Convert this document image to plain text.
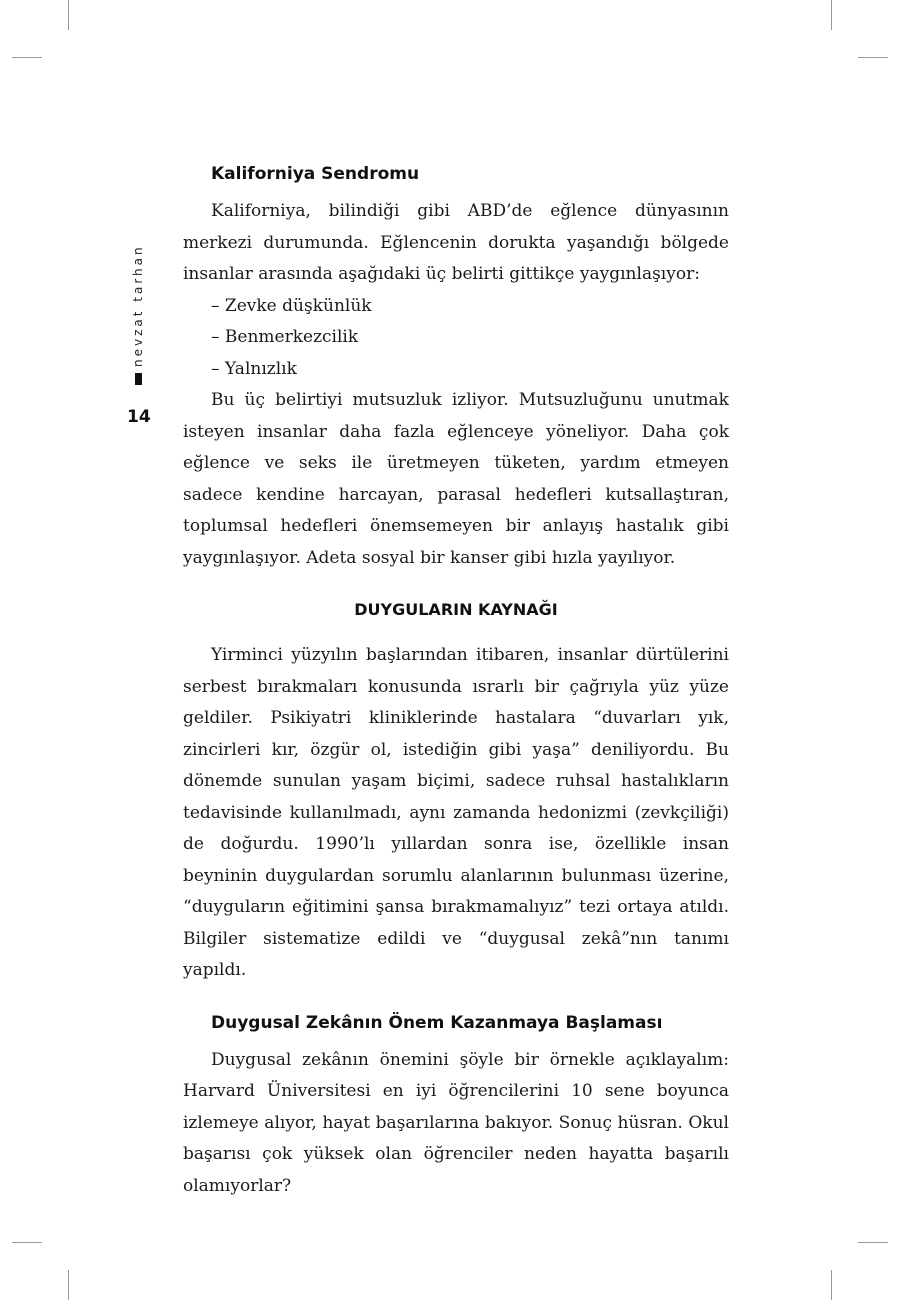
nevzat tarhan
14
Kaliforniya Sendromu

Kaliforniya, bilindiği gibi ABD’de eğlence dünyasının merkezi durumunda. Eğlencenin dorukta yaşandığı bölgede insanlar arasında aşağıdaki üç belirti gittikçe yaygınlaşıyor:

– Zevke düşkünlük
– Benmerkezcilik
– Yalnızlık

Bu üç belirtiyi mutsuzluk izliyor. Mutsuzluğunu unutmak isteyen insanlar daha fazla eğlenceye yöneliyor. Daha çok eğlence ve seks ile üretmeyen tüketen, yardım etmeyen sadece kendine harcayan, parasal hedefleri kutsallaştıran, toplumsal hedefleri önemsemeyen bir anlayış hastalık gibi yaygınlaşıyor. Adeta sosyal bir kanser gibi hızla yayılıyor.

DUYGULARIN KAYNAĞI

Yirminci yüzyılın başlarından itibaren, insanlar dürtülerini serbest bırakmaları konusunda ısrarlı bir çağrıyla yüz yüze geldiler. Psikiyatri kliniklerinde hastalara “duvarları yık, zincirleri kır, özgür ol, istediğin gibi yaşa” deniliyordu. Bu dönemde sunulan yaşam biçimi, sadece ruhsal hastalıkların tedavisinde kullanılmadı, aynı zamanda hedonizmi (zevkçiliği) de doğurdu. 1990’lı yıllardan sonra ise, özellikle insan beyninin duygulardan sorumlu alanlarının bulunması üzerine, “duyguların eğitimini şansa bırakmamalıyız” tezi ortaya atıldı. Bilgiler sistematize edildi ve “duygusal zekâ”nın tanımı yapıldı.

Duygusal Zekânın Önem Kazanmaya Başlaması

Duygusal zekânın önemini şöyle bir örnekle açıklayalım: Harvard Üniversitesi en iyi öğrencilerini 10 sene boyunca izlemeye alıyor, hayat başarılarına bakıyor. Sonuç hüsran. Okul başarısı çok yüksek olan öğrenciler neden hayatta başarılı olamıyorlar?
